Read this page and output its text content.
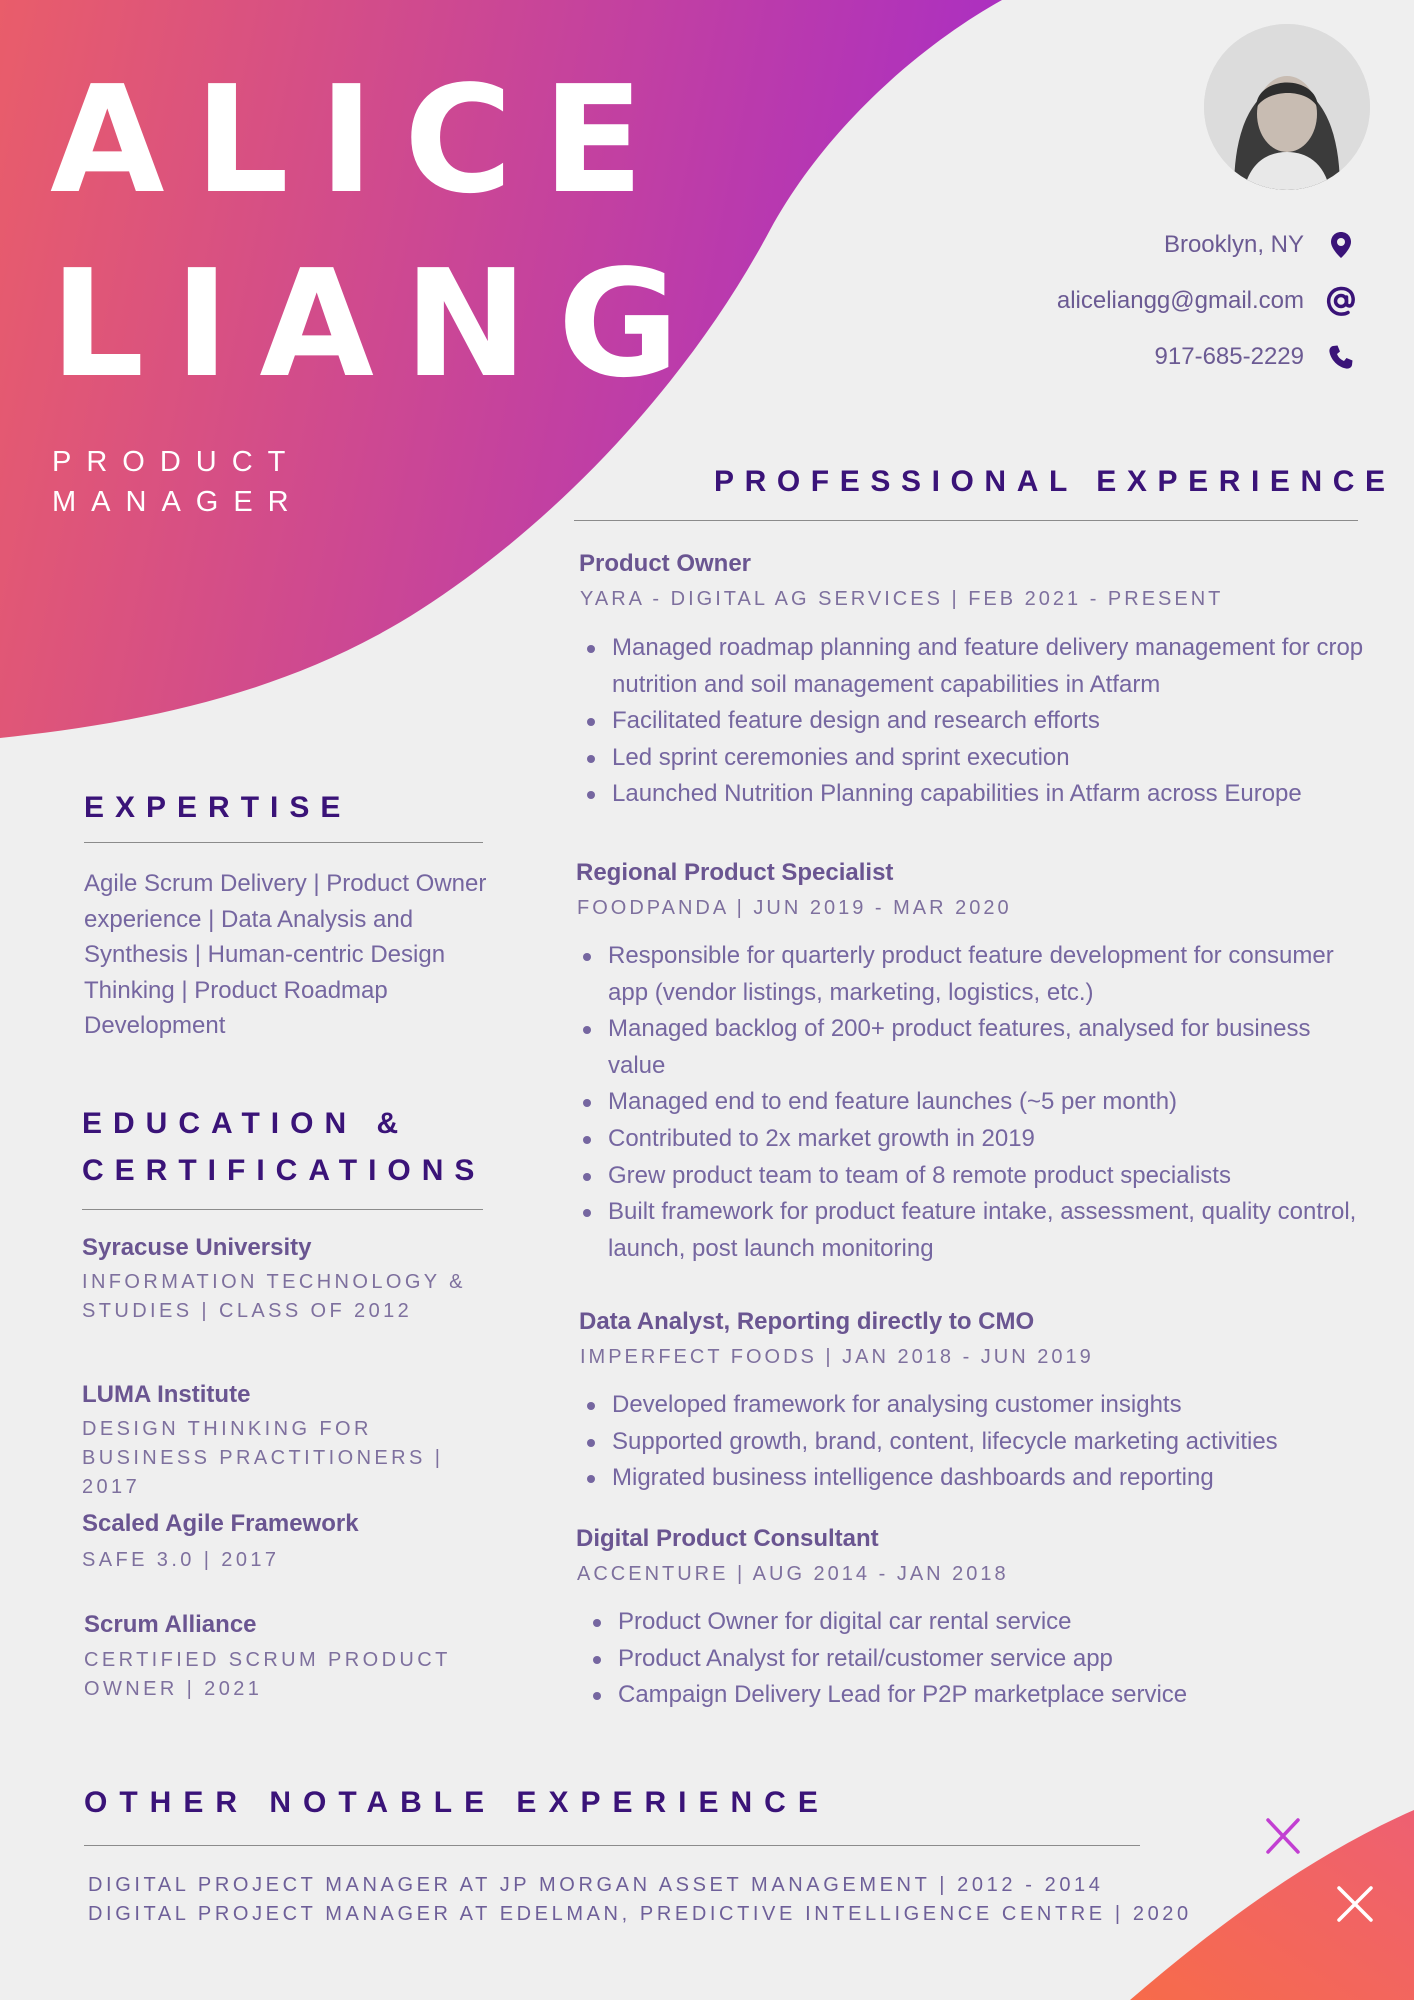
ALICE
LIANG
PRODUCT
MANAGER
Brooklyn, NY
aliceliangg@gmail.com
917-685-2229
PROFESSIONAL EXPERIENCE
Product Owner
YARA - DIGITAL AG SERVICES | FEB 2021 - PRESENT
Managed roadmap planning and feature delivery management for crop nutrition and soil management capabilities in Atfarm
Facilitated feature design and research efforts
Led sprint ceremonies and sprint execution
Launched Nutrition Planning capabilities in Atfarm across Europe
Regional Product Specialist
FOODPANDA | JUN 2019 - MAR 2020
Responsible for quarterly product feature development for consumer app (vendor listings, marketing, logistics, etc.)
Managed backlog of 200+ product features, analysed for business value
Managed end to end feature launches (~5 per month)
Contributed to 2x market growth in 2019
Grew product team to team of 8 remote product specialists
Built framework for product feature intake, assessment, quality control, launch, post launch monitoring
Data Analyst, Reporting directly to CMO
IMPERFECT FOODS | JAN 2018 - JUN 2019
Developed framework for analysing customer insights
Supported growth, brand, content, lifecycle marketing activities
Migrated business intelligence dashboards and reporting
Digital Product Consultant
ACCENTURE | AUG 2014 - JAN 2018
Product Owner for digital car rental service
Product Analyst for retail/customer service app
Campaign Delivery Lead for P2P marketplace service
EXPERTISE
Agile Scrum Delivery | Product Owner experience | Data Analysis and Synthesis | Human-centric Design Thinking | Product Roadmap Development
EDUCATION &
CERTIFICATIONS
Syracuse University
INFORMATION TECHNOLOGY & STUDIES | CLASS OF 2012
LUMA Institute
DESIGN THINKING FOR BUSINESS PRACTITIONERS | 2017
Scaled Agile Framework
SAFE 3.0 | 2017
Scrum Alliance
CERTIFIED SCRUM PRODUCT OWNER | 2021
OTHER NOTABLE EXPERIENCE
DIGITAL PROJECT MANAGER AT JP MORGAN ASSET MANAGEMENT | 2012 - 2014
DIGITAL PROJECT MANAGER AT EDELMAN, PREDICTIVE INTELLIGENCE CENTRE | 2020
